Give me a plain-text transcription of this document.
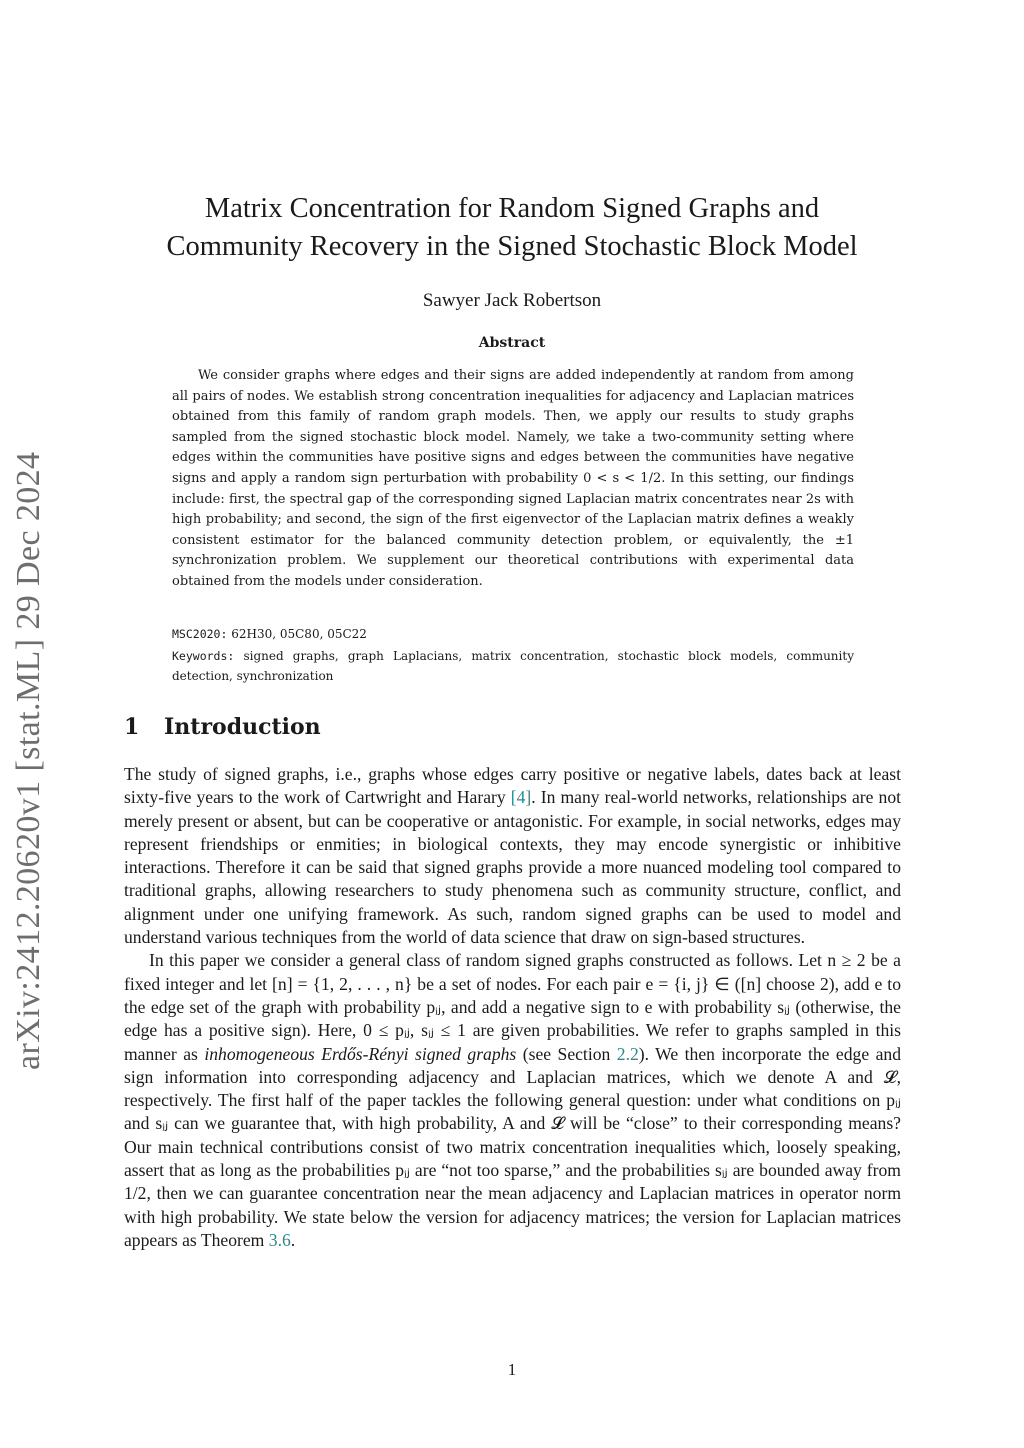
arXiv:2412.20620v1 [stat.ML] 29 Dec 2024
Matrix Concentration for Random Signed Graphs and
Community Recovery in the Signed Stochastic Block Model
Sawyer Jack Robertson
Abstract

We consider graphs where edges and their signs are added independently at random from among all pairs of nodes. We establish strong concentration inequalities for adjacency and Laplacian matrices obtained from this family of random graph models. Then, we apply our results to study graphs sampled from the signed stochastic block model. Namely, we take a two-community setting where edges within the communities have positive signs and edges between the communities have negative signs and apply a random sign perturbation with probability 0 < s < 1/2. In this setting, our findings include: first, the spectral gap of the corresponding signed Laplacian matrix concentrates near 2s with high probability; and second, the sign of the first eigenvector of the Laplacian matrix defines a weakly consistent estimator for the balanced community detection problem, or equivalently, the ±1 synchronization problem. We supplement our theoretical contributions with experimental data obtained from the models under consideration.

MSC2020: 62H30, 05C80, 05C22
Keywords: signed graphs, graph Laplacians, matrix concentration, stochastic block models, community detection, synchronization
1 Introduction

The study of signed graphs, i.e., graphs whose edges carry positive or negative labels, dates back at least sixty-five years to the work of Cartwright and Harary [4]. In many real-world networks, relationships are not merely present or absent, but can be cooperative or antagonistic. For example, in social networks, edges may represent friendships or enmities; in biological contexts, they may encode synergistic or inhibitive interactions. Therefore it can be said that signed graphs provide a more nuanced modeling tool compared to traditional graphs, allowing researchers to study phenomena such as community structure, conflict, and alignment under one unifying framework. As such, random signed graphs can be used to model and understand various techniques from the world of data science that draw on sign-based structures.

In this paper we consider a general class of random signed graphs constructed as follows. Let n ≥ 2 be a fixed integer and let [n] = {1, 2, . . . , n} be a set of nodes. For each pair e = {i, j} ∈ ([n] choose 2), add e to the edge set of the graph with probability pᵢⱼ, and add a negative sign to e with probability sᵢⱼ (otherwise, the edge has a positive sign). Here, 0 ≤ pᵢⱼ, sᵢⱼ ≤ 1 are given probabilities. We refer to graphs sampled in this manner as inhomogeneous Erdős-Rényi signed graphs (see Section 2.2). We then incorporate the edge and sign information into corresponding adjacency and Laplacian matrices, which we denote A and 𝓛, respectively. The first half of the paper tackles the following general question: under what conditions on pᵢⱼ and sᵢⱼ can we guarantee that, with high probability, A and 𝓛 will be “close” to their corresponding means? Our main technical contributions consist of two matrix concentration inequalities which, loosely speaking, assert that as long as the probabilities pᵢⱼ are “not too sparse,” and the probabilities sᵢⱼ are bounded away from 1/2, then we can guarantee concentration near the mean adjacency and Laplacian matrices in operator norm with high probability. We state below the version for adjacency matrices; the version for Laplacian matrices appears as Theorem 3.6.

1
